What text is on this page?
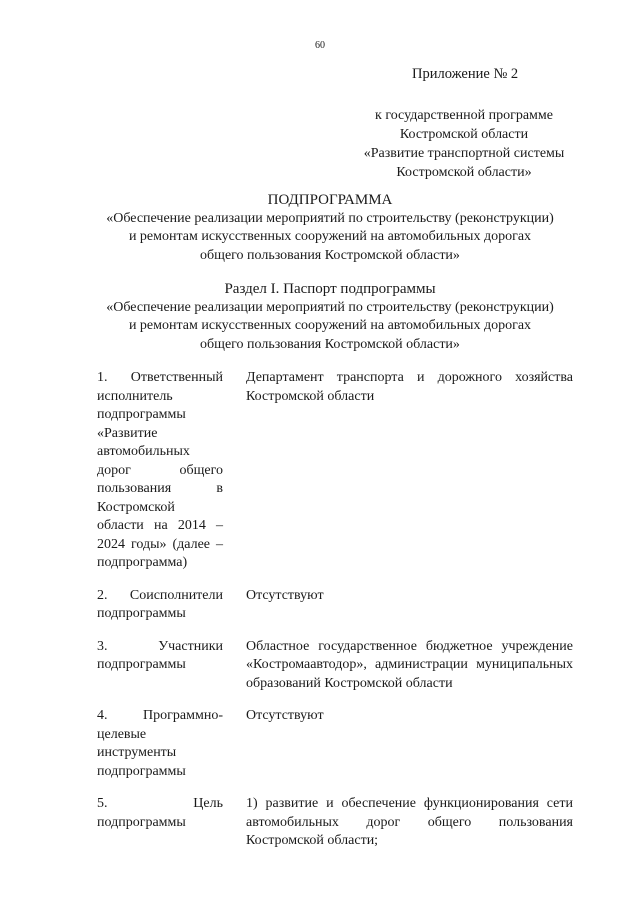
60
Приложение № 2
к государственной программе
Костромской области
«Развитие транспортной системы
Костромской области»
ПОДПРОГРАММА
«Обеспечение реализации мероприятий по строительству (реконструкции)
и ремонтам искусственных сооружений на автомобильных дорогах
общего пользования Костромской области»
Раздел I. Паспорт подпрограммы
«Обеспечение реализации мероприятий по строительству (реконструкции)
и ремонтам искусственных сооружений на автомобильных дорогах
общего пользования Костромской области»
1. Ответственный исполнитель подпрограммы «Развитие автомобильных дорог общего пользования в Костромской области на 2014 – 2024 годы» (далее – подпрограмма)	Департамент транспорта и дорожного хозяйства Костромской области
2. Соисполнители подпрограммы	Отсутствуют
3. Участники подпрограммы	Областное государственное бюджетное учреждение «Костромаавтодор», администрации муниципальных образований Костромской области
4. Программно-целевые инструменты подпрограммы	Отсутствуют
5. Цель подпрограммы	1) развитие и обеспечение функционирования сети автомобильных дорог общего пользования Костромской области;
